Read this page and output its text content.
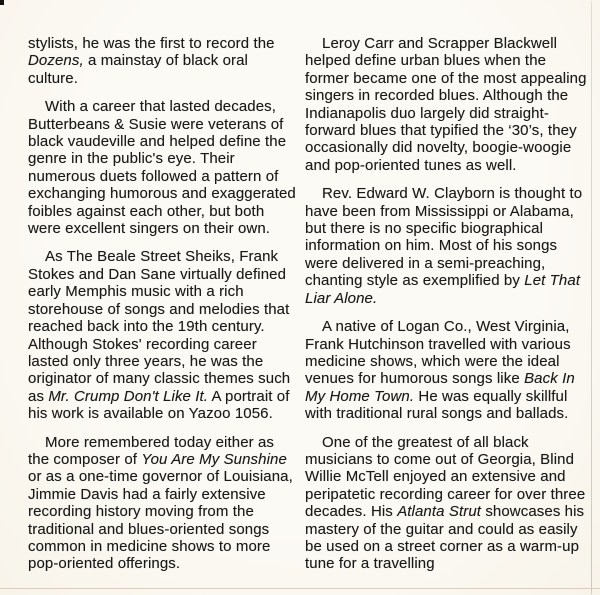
stylists, he was the first to record the Dozens, a mainstay of black oral culture.

With a career that lasted decades, Butterbeans & Susie were veterans of black vaudeville and helped define the genre in the public's eye. Their numerous duets followed a pattern of exchanging humorous and exaggerated foibles against each other, but both were excellent singers on their own.

As The Beale Street Sheiks, Frank Stokes and Dan Sane virtually defined early Memphis music with a rich storehouse of songs and melodies that reached back into the 19th century. Although Stokes' recording career lasted only three years, he was the originator of many classic themes such as Mr. Crump Don't Like It. A portrait of his work is available on Yazoo 1056.

More remembered today either as the composer of You Are My Sunshine or as a one-time governor of Louisiana, Jimmie Davis had a fairly extensive recording history moving from the traditional and blues-oriented songs common in medicine shows to more pop-oriented offerings.

Leroy Carr and Scrapper Blackwell helped define urban blues when the former became one of the most appealing singers in recorded blues. Although the Indianapolis duo largely did straight-forward blues that typified the ‘30’s, they occasionally did novelty, boogie-woogie and pop-oriented tunes as well.

Rev. Edward W. Clayborn is thought to have been from Mississippi or Alabama, but there is no specific biographical information on him. Most of his songs were delivered in a semi-preaching, chanting style as exemplified by Let That Liar Alone.

A native of Logan Co., West Virginia, Frank Hutchinson travelled with various medicine shows, which were the ideal venues for humorous songs like Back In My Home Town. He was equally skillful with traditional rural songs and ballads.

One of the greatest of all black musicians to come out of Georgia, Blind Willie McTell enjoyed an extensive and peripatetic recording career for over three decades. His Atlanta Strut showcases his mastery of the guitar and could as easily be used on a street corner as a warm-up tune for a travelling
